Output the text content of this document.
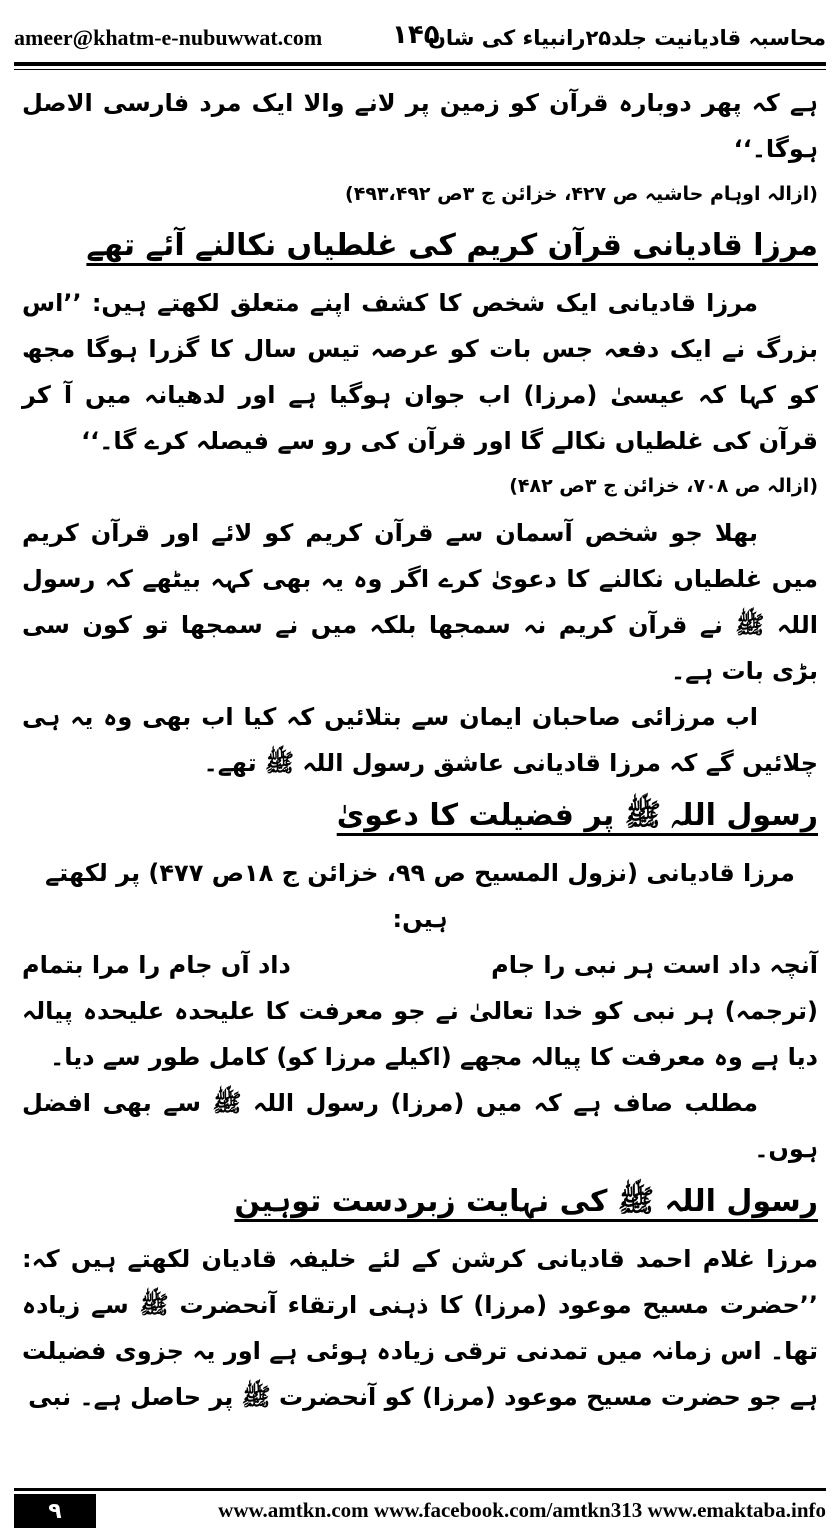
ameer@khatm-e-nubuwwat.com	۱۴۵
محاسبہ قادیانیت جلد۲۵رانبیاء کی شان

ہے کہ پھر دوبارہ قرآن کو زمین پر لانے والا ایک مرد فارسی الاصل ہوگا۔‘‘

(ازالہ اوہام حاشیہ ص ۴۲۷، خزائن ج ۳ص ۴۹۳،۴۹۲)

مرزا قادیانی قرآن کریم کی غلطیاں نکالنے آئے تھے

مرزا قادیانی ایک شخص کا کشف اپنے متعلق لکھتے ہیں: ’’اس بزرگ نے ایک دفعہ جس بات کو عرصہ تیس سال کا گزرا ہوگا مجھ کو کہا کہ عیسیٰ (مرزا) اب جوان ہوگیا ہے اور لدھیانہ میں آ کر قرآن کی غلطیاں نکالے گا اور قرآن کی رو سے فیصلہ کرے گا۔‘‘

(ازالہ ص ۷۰۸، خزائن ج ۳ص ۴۸۲)

بھلا جو شخص آسمان سے قرآن کریم کو لائے اور قرآن کریم میں غلطیاں نکالنے کا دعویٰ کرے اگر وہ یہ بھی کہہ بیٹھے کہ رسول اللہ ﷺ نے قرآن کریم نہ سمجھا بلکہ میں نے سمجھا تو کون سی بڑی بات ہے۔

اب مرزائی صاحبان ایمان سے بتلائیں کہ کیا اب بھی وہ یہ ہی چلائیں گے کہ مرزا قادیانی عاشق رسول اللہ ﷺ تھے۔

رسول اللہ ﷺ پر فضیلت کا دعویٰ

مرزا قادیانی (نزول المسیح ص ۹۹، خزائن ج ۱۸ص ۴۷۷) پر لکھتے ہیں:

آنچہ داد است ہر نبی را جام
داد آں جام را مرا بتمام

(ترجمہ) ہر نبی کو خدا تعالیٰ نے جو معرفت کا علیحدہ علیحدہ پیالہ دیا ہے وہ معرفت کا پیالہ مجھے (اکیلے مرزا کو) کامل طور سے دیا۔

مطلب صاف ہے کہ میں (مرزا) رسول اللہ ﷺ سے بھی افضل ہوں۔

رسول اللہ ﷺ کی نہایت زبردست توہین

مرزا غلام احمد قادیانی کرشن کے لئے خلیفہ قادیان لکھتے ہیں کہ: ’’حضرت مسیح موعود (مرزا) کا ذہنی ارتقاء آنحضرت ﷺ سے زیادہ تھا۔ اس زمانہ میں تمدنی ترقی زیادہ ہوئی ہے اور یہ جزوی فضیلت ہے جو حضرت مسیح موعود (مرزا) کو آنحضرت ﷺ پر حاصل ہے۔ نبی

۹	www.amtkn.com www.facebook.com/amtkn313 www.emaktaba.info
